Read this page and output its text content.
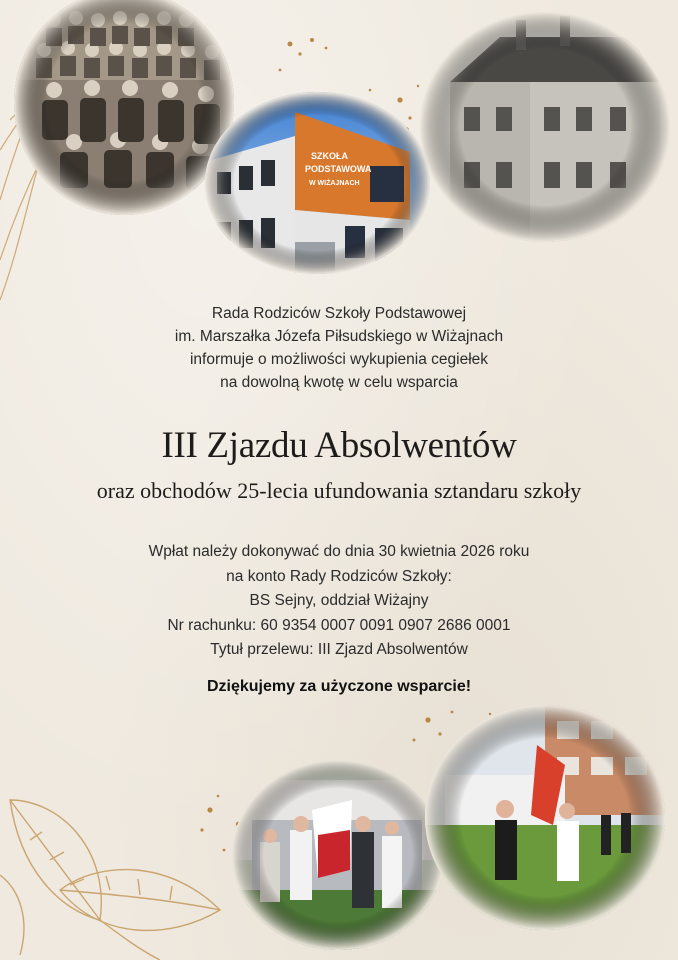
SZKOŁA
PODSTAWOWA
W WIŻAJNACH
Rada Rodziców Szkoły Podstawowej
im. Marszałka Józefa Piłsudskiego w Wiżajnach
informuje o możliwości wykupienia cegiełek
na dowolną kwotę w celu wsparcia
III Zjazdu Absolwentów
oraz obchodów 25-lecia ufundowania sztandaru szkoły
Wpłat należy dokonywać do dnia 30 kwietnia 2026 roku
na konto Rady Rodziców Szkoły:
BS Sejny, oddział Wiżajny
Nr rachunku: 60 9354 0007 0091 0907 2686 0001
Tytuł przelewu: III Zjazd Absolwentów
Dziękujemy za użyczone wsparcie!
